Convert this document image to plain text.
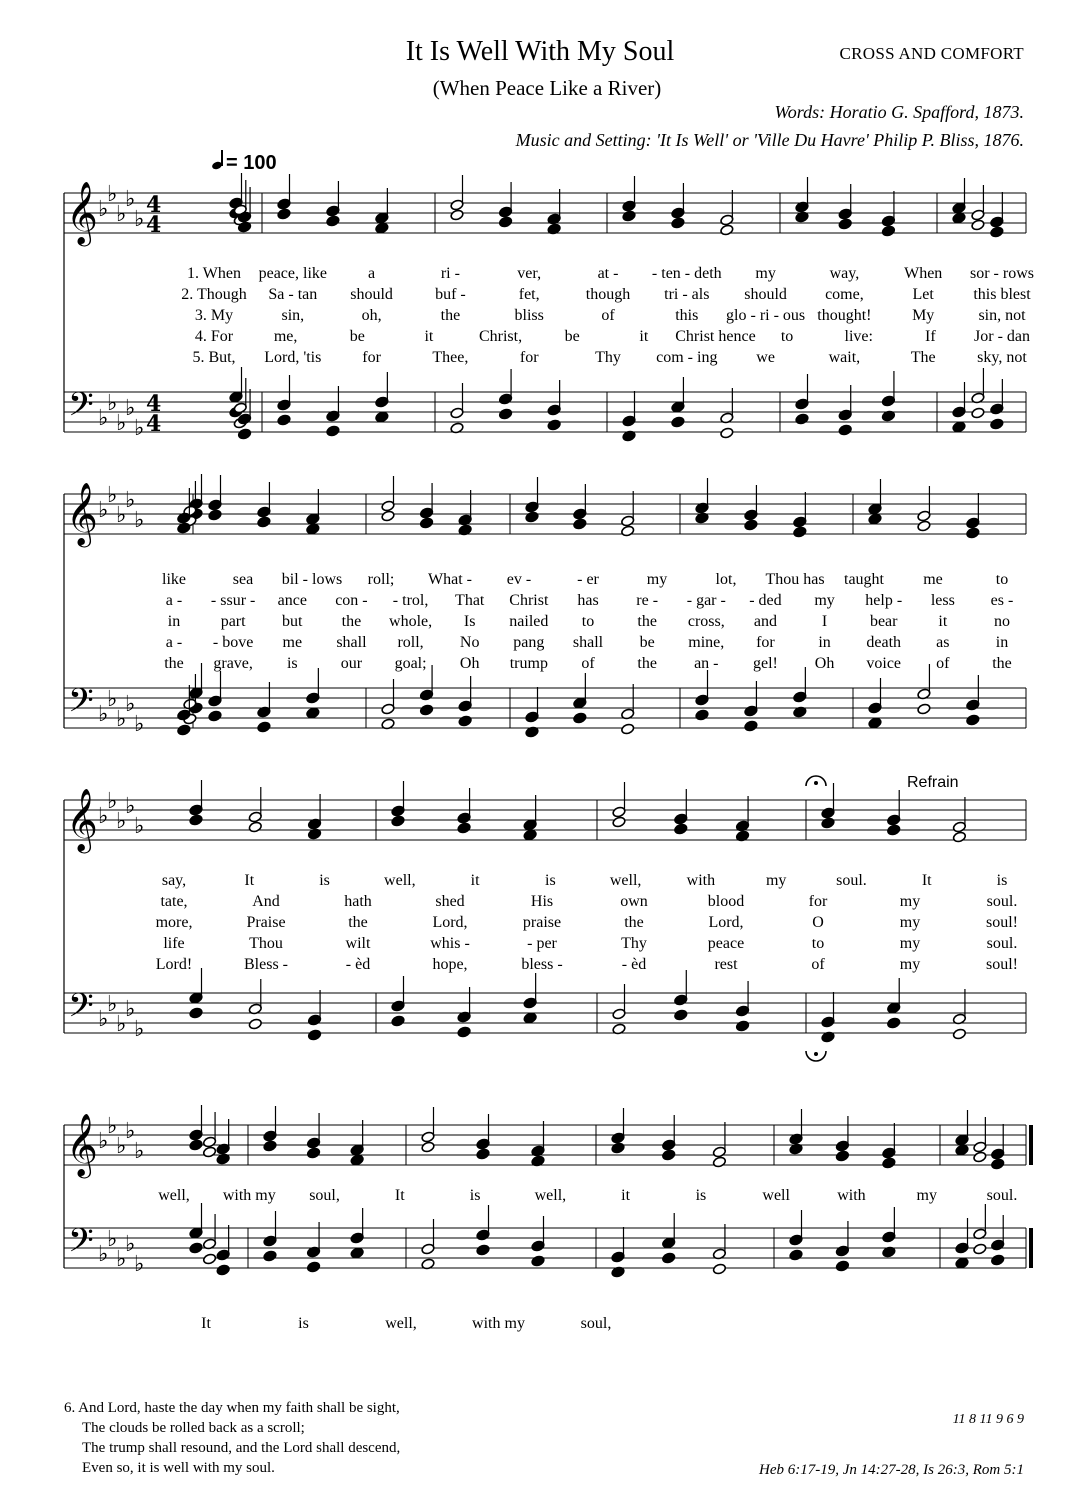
It Is Well With My Soul
(When Peace Like a River)
CROSS AND COMFORT
Words: Horatio G. Spafford, 1873.
Music and Setting: 'It Is Well' or 'Ville Du Havre' Philip P. Bliss, 1876.
= 100
Refrain
𝄞
𝄢
♭
♭
♭
♭
♭
♭
♭
♭
♭
♭
4
4
4
4
𝄞
𝄢
♭
♭
♭
♭
♭
♭
♭
♭
♭
♭
𝄞
𝄢
♭
♭
♭
♭
♭
♭
♭
♭
♭
♭
𝄞
𝄢
♭
♭
♭
♭
♭
♭
♭
♭
♭
♭
1. When peace, like	a	ri -	ver,	at - - ten - deth my	way,	When sor - rows
2. Though Sa - tan should	buf -	fet,	though tri - als should come,	Let this blest
3. My	sin,	oh,	the	bliss	of	this glo - ri - ous thought!	My	sin, not
4. For	me,	be	it	Christ,	be	it Christ hence to	live:	If Jor - dan
5. But, Lord, 'tis	for	Thee,	for	Thy com - ing we	wait,	The	sky, not
like	sea bil - lows roll; What - ev -	- er	my	lot, Thou has taught me	to
a - - ssur - ance con - - trol, That Christ has re - - gar - - ded my help - less es -
in	part but the whole, Is nailed to	the cross, and	I	bear	it	no
a - - bove me shall roll, No pang shall be mine, for	in death as	in
the grave, is	our goal; Oh trump of	the an - gel! Oh voice of	the
say,	It	is	well,	it	is	well,	with	my	soul.	It	is
tate,	And	hath	shed	His	own	blood	for	my	soul.
more,	Praise	the	Lord,	praise	the	Lord,	O	my	soul!
life	Thou	wilt	whis -	- per	Thy	peace	to	my	soul.
Lord!	Bless -	- èd	hope,	bless -	- èd	rest	of	my	soul!
well, with my soul,	It	is	well,	it	is	well	with	my	soul.
It	is	well,	with my	soul,
6. And Lord, haste the day when my faith shall be sight,
The clouds be rolled back as a scroll;
The trump shall resound, and the Lord shall descend,
Even so, it is well with my soul.
11 8 11 9 6 9
Heb 6:17-19, Jn 14:27-28, Is 26:3, Rom 5:1
